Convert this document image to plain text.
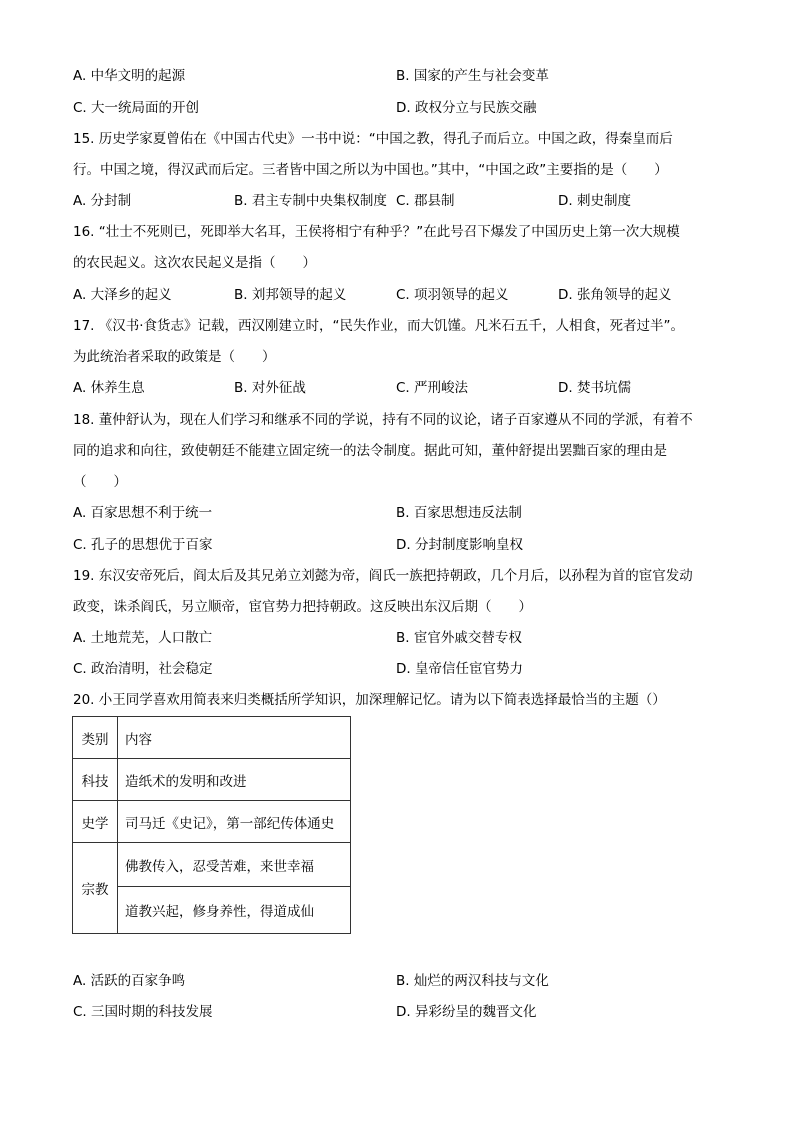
A. 中华文明的起源	B. 国家的产生与社会变革
C. 大一统局面的开创	D. 政权分立与民族交融
15. 历史学家夏曾佑在《中国古代史》一书中说：“中国之教，得孔子而后立。中国之政，得秦皇而后
行。中国之境，得汉武而后定。三者皆中国之所以为中国也。”其中，“中国之政”主要指的是（　　）
A. 分封制	B. 君主专制中央集权制度 C. 郡县制	D. 刺史制度
16. “壮士不死则已，死即举大名耳，王侯将相宁有种乎？”在此号召下爆发了中国历史上第一次大规模
的农民起义。这次农民起义是指（　　）
A. 大泽乡的起义	B. 刘邦领导的起义	C. 项羽领导的起义	D. 张角领导的起义
17. 《汉书·食货志》记载，西汉刚建立时，“民失作业，而大饥馑。凡米石五千，人相食，死者过半”。
为此统治者采取的政策是（　　）
A. 休养生息	B. 对外征战	C. 严刑峻法	D. 焚书坑儒
18. 董仲舒认为，现在人们学习和继承不同的学说，持有不同的议论，诸子百家遵从不同的学派，有着不
同的追求和向往，致使朝廷不能建立固定统一的法令制度。据此可知，董仲舒提出罢黜百家的理由是
（　　）
A. 百家思想不利于统一	B. 百家思想违反法制
C. 孔子的思想优于百家	D. 分封制度影响皇权
19. 东汉安帝死后，阎太后及其兄弟立刘懿为帝，阎氏一族把持朝政，几个月后，以孙程为首的宦官发动
政变，诛杀阎氏，另立顺帝，宦官势力把持朝政。这反映出东汉后期（　　）
A. 土地荒芜，人口散亡	B. 宦官外戚交替专权
C. 政治清明，社会稳定	D. 皇帝信任宦官势力
20. 小王同学喜欢用简表来归类概括所学知识，加深理解记忆。请为以下简表选择最恰当的主题（）
类别	内容
科技	造纸术的发明和改进
史学	司马迁《史记》，第一部纪传体通史
宗教	佛教传入，忍受苦难，来世幸福
	道教兴起，修身养性，得道成仙
A. 活跃的百家争鸣	B. 灿烂的两汉科技与文化
C. 三国时期的科技发展	D. 异彩纷呈的魏晋文化
